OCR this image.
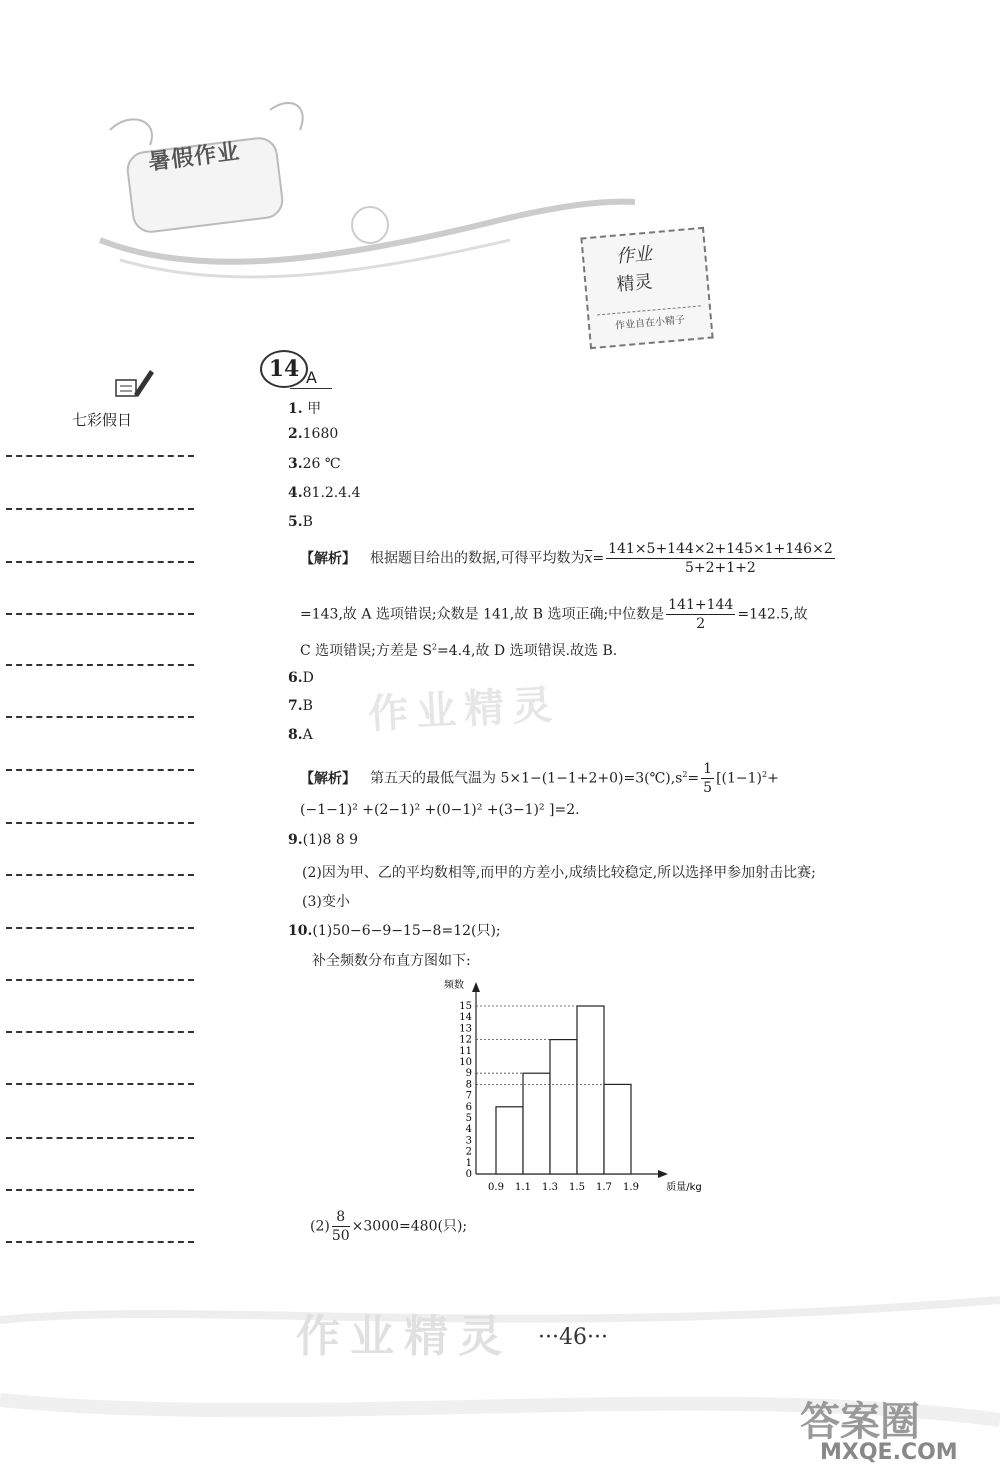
暑假作业
作业
精灵
作业自在小精子
七彩假日
14 A
作业精灵
1. 甲
2.1680
3.26 ℃
4.81.2.4.4
5.B
【解析】 根据题目给出的数据,可得平均数为$\overline{x}= \frac{141\times 5+144\times 2+145\times 1+146\times 2}{5+2+1+2}$
=143,故 A 选项错误;众数是 141,故 B 选项正确;中位数是 $\frac{141+144}{2} =142.5$,故
C 选项错误;方差是 $S^2=4.4$,故 D 选项错误.故选 B.
6.D
7.B
8.A
【解析】 第五天的最低气温为 $5\times 1-(1-1+2+0)=3(℃),s^2= \frac{1}{5} [(1-1)^2+$
(−1−1)² +(2−1)² +(0−1)² +(3−1)² ]=2.
9.(1)8 8 9
(2)因为甲、乙的平均数相等,而甲的方差小,成绩比较稳定,所以选择甲参加射击比赛;
(3)变小
10.(1)50−6−9−15−8=12(只);
补全频数分布直方图如下:
0
1
2
3
4
5
6
7
8
9
10
11
12
13
14
15
频数
0.9 1.1 1.3 1.5 1.7 1.9	质量/kg
$(2) \frac{8}{50} \times 3000=480$(只);
作业精灵 ···46···
答案圈
MXQE.COM
